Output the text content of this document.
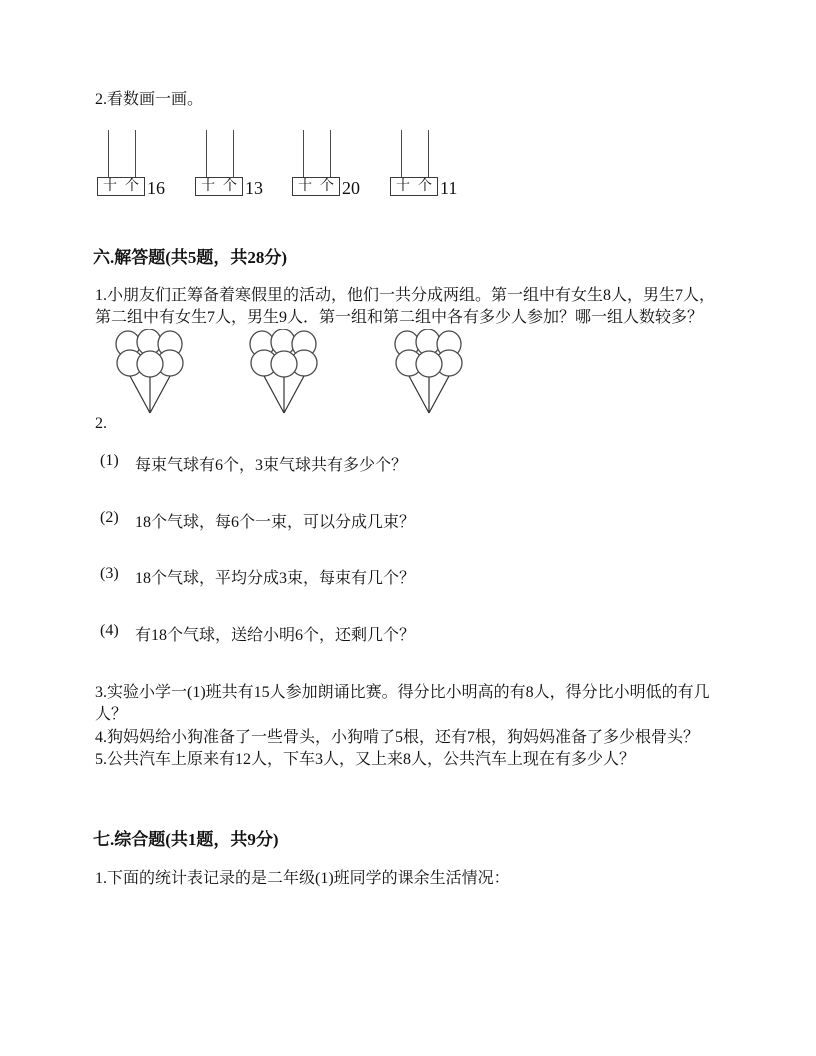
2.看数画一画。
十 个 16	十 个 13	十 个 20	十 个 11
六.解答题(共5题，共28分)
1.小朋友们正筹备着寒假里的活动，他们一共分成两组。第一组中有女生8人，男生7人，
第二组中有女生7人，男生9人．第一组和第二组中各有多少人参加？哪一组人数较多？
2.
(1) 每束气球有6个，3束气球共有多少个？
(2) 18个气球，每6个一束，可以分成几束？
(3) 18个气球，平均分成3束，每束有几个？
(4) 有18个气球，送给小明6个，还剩几个？
3.实验小学一(1)班共有15人参加朗诵比赛。得分比小明高的有8人，得分比小明低的有几
人？
4.狗妈妈给小狗准备了一些骨头，小狗啃了5根，还有7根，狗妈妈准备了多少根骨头？
5.公共汽车上原来有12人，下车3人，又上来8人，公共汽车上现在有多少人？
七.综合题(共1题，共9分)
1.下面的统计表记录的是二年级(1)班同学的课余生活情况：
